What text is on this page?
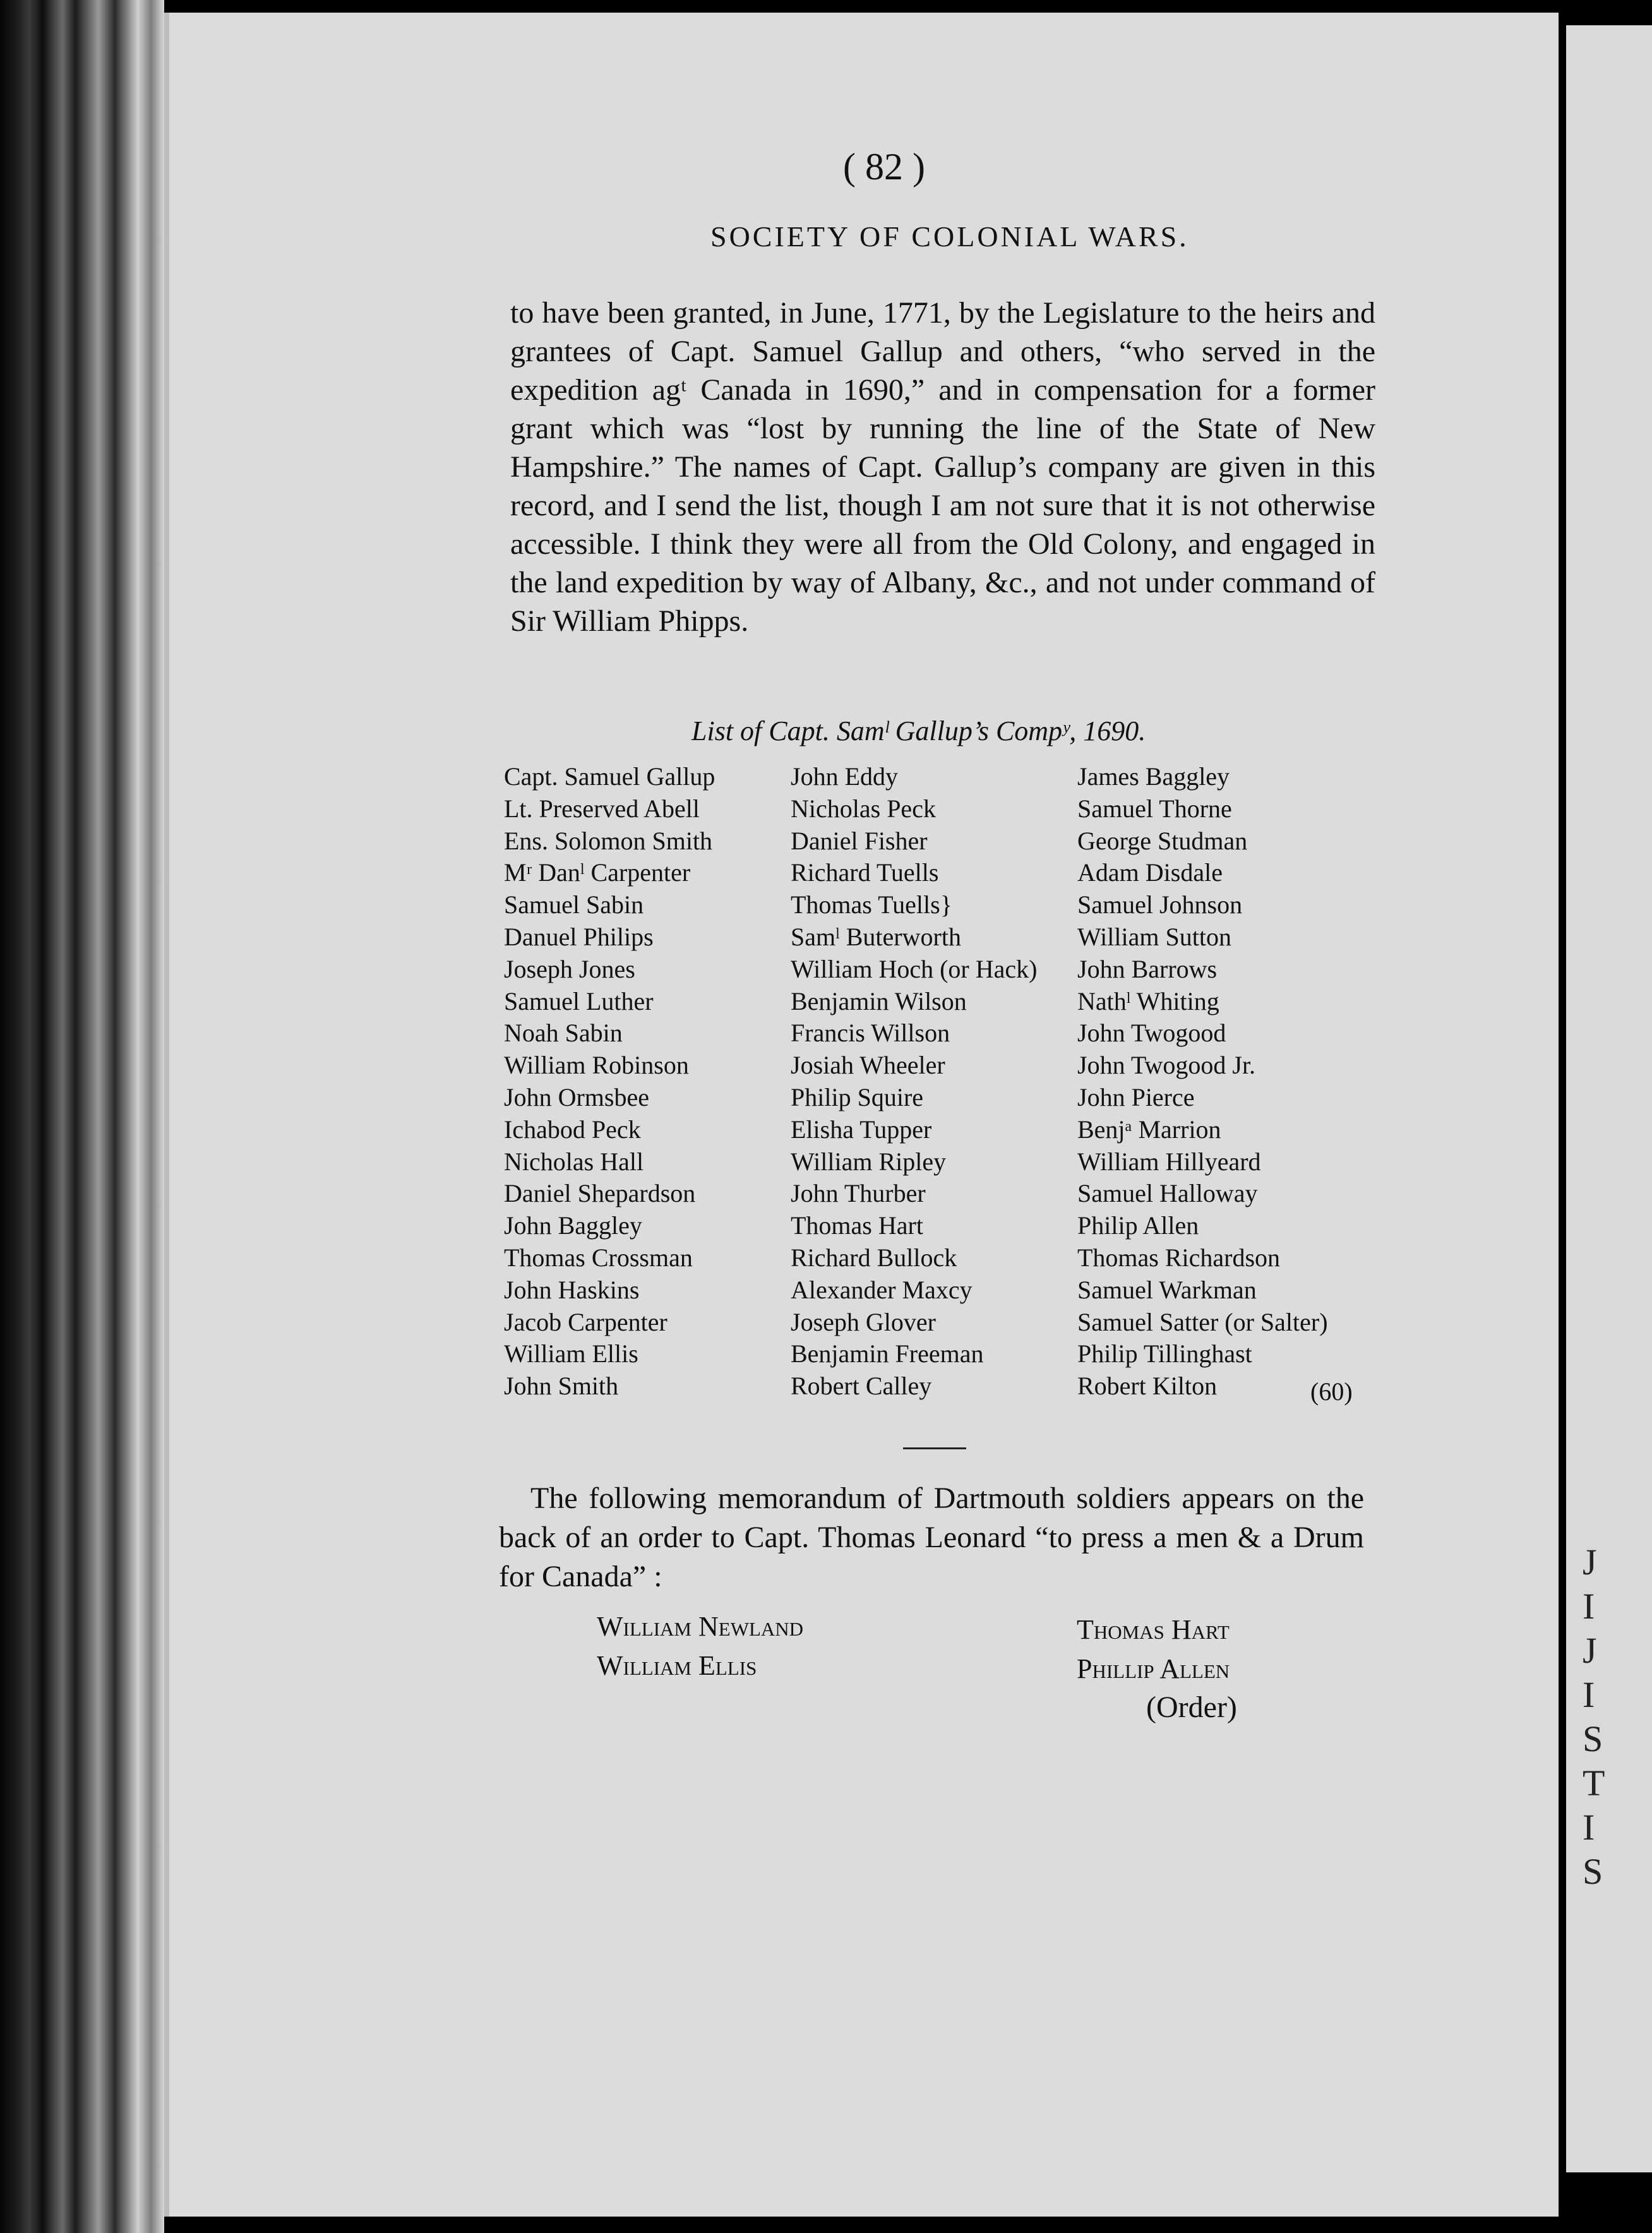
J
I
J
I
S
T
I
S
( 82 )
SOCIETY OF COLONIAL WARS.
to have been granted, in June, 1771, by the Legislature to the heirs and grantees of Capt. Samuel Gallup and others, “who served in the expedition agᵗ Canada in 1690,” and in compensation for a former grant which was “lost by running the line of the State of New Hampshire.” The names of Capt. Gallup’s company are given in this record, and I send the list, though I am not sure that it is not otherwise accessible. I think they were all from the Old Colony, and engaged in the land expedition by way of Albany, &c., and not under command of Sir William Phipps.
List of Capt. Samˡ Gallup’s Compʸ, 1690.
Capt. Samuel Gallup
Lt. Preserved Abell
Ens. Solomon Smith
Mʳ Danˡ Carpenter
Samuel Sabin
Danuel Philips
Joseph Jones
Samuel Luther
Noah Sabin
William Robinson
John Ormsbee
Ichabod Peck
Nicholas Hall
Daniel Shepardson
John Baggley
Thomas Crossman
John Haskins
Jacob Carpenter
William Ellis
John Smith
John Eddy
Nicholas Peck
Daniel Fisher
Richard Tuells
Thomas Tuells}
Samˡ Buterworth
William Hoch (or Hack)
Benjamin Wilson
Francis Willson
Josiah Wheeler
Philip Squire
Elisha Tupper
William Ripley
John Thurber
Thomas Hart
Richard Bullock
Alexander Maxcy
Joseph Glover
Benjamin Freeman
Robert Calley
James Baggley
Samuel Thorne
George Studman
Adam Disdale
Samuel Johnson
William Sutton
John Barrows
Nathˡ Whiting
John Twogood
John Twogood Jr.
John Pierce
Benjᵃ Marrion
William Hillyeard
Samuel Halloway
Philip Allen
Thomas Richardson
Samuel Warkman
Samuel Satter (or Salter)
Philip Tillinghast
Robert Kilton	(60)
The following memorandum of Dartmouth soldiers appears on the back of an order to Capt. Thomas Leonard “to press a men & a Drum for Canada” :
William Newland
William Ellis
Thomas Hart
Phillip Allen
(Order)
